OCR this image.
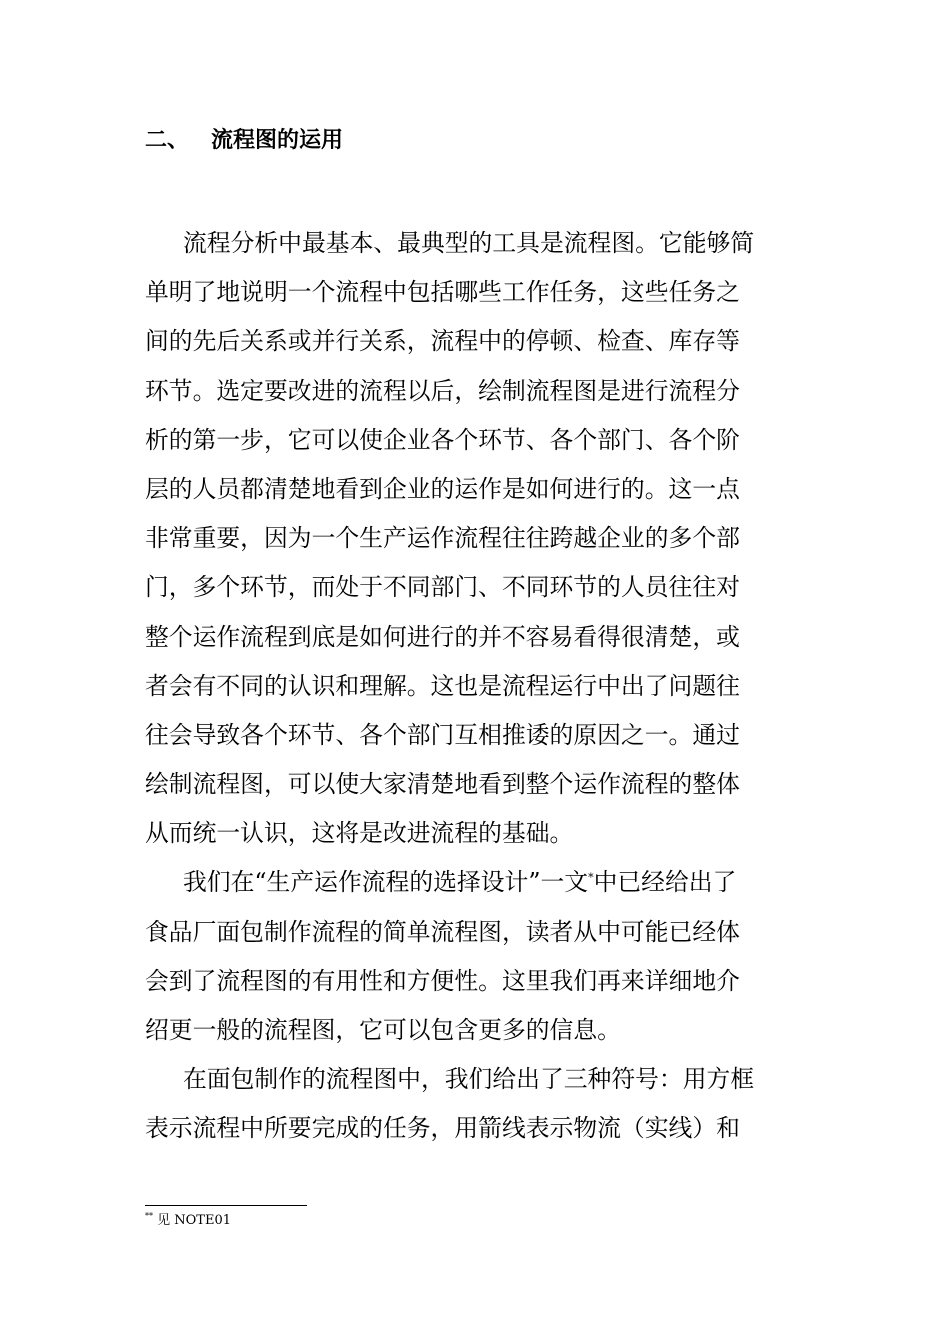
二、 流程图的运用
流程分析中最基本、最典型的工具是流程图。它能够简
单明了地说明一个流程中包括哪些工作任务，这些任务之
间的先后关系或并行关系，流程中的停顿、检查、库存等
环节。选定要改进的流程以后，绘制流程图是进行流程分
析的第一步，它可以使企业各个环节、各个部门、各个阶
层的人员都清楚地看到企业的运作是如何进行的。这一点
非常重要，因为一个生产运作流程往往跨越企业的多个部
门，多个环节，而处于不同部门、不同环节的人员往往对
整个运作流程到底是如何进行的并不容易看得很清楚，或
者会有不同的认识和理解。这也是流程运行中出了问题往
往会导致各个环节、各个部门互相推诿的原因之一。通过
绘制流程图，可以使大家清楚地看到整个运作流程的整体
从而统一认识，这将是改进流程的基础。
我们在“生产运作流程的选择设计”一文*中已经给出了
食品厂面包制作流程的简单流程图，读者从中可能已经体
会到了流程图的有用性和方便性。这里我们再来详细地介
绍更一般的流程图，它可以包含更多的信息。
在面包制作的流程图中，我们给出了三种符号：用方框
表示流程中所要完成的任务，用箭线表示物流（实线）和
** 见 NOTE01
